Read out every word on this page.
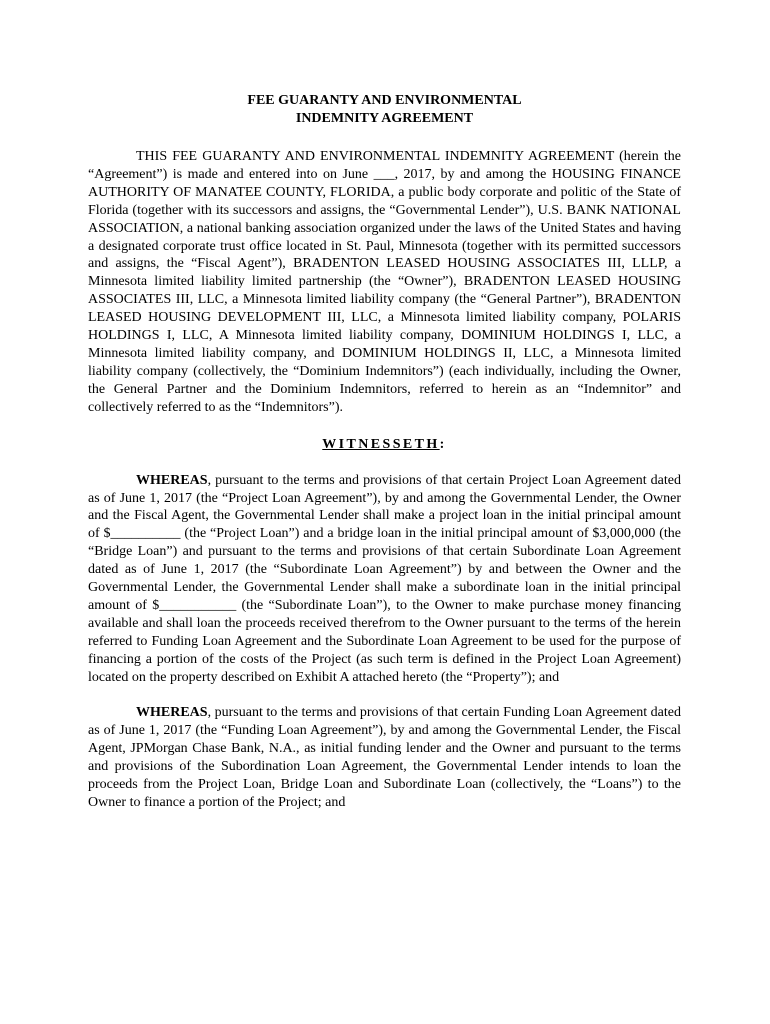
FEE GUARANTY AND ENVIRONMENTAL
INDEMNITY AGREEMENT

THIS FEE GUARANTY AND ENVIRONMENTAL INDEMNITY AGREEMENT (herein the “Agreement”) is made and entered into on June ___, 2017, by and among the HOUSING FINANCE AUTHORITY OF MANATEE COUNTY, FLORIDA, a public body corporate and politic of the State of Florida (together with its successors and assigns, the “Governmental Lender”), U.S. BANK NATIONAL ASSOCIATION, a national banking association organized under the laws of the United States and having a designated corporate trust office located in St. Paul, Minnesota (together with its permitted successors and assigns, the “Fiscal Agent”), BRADENTON LEASED HOUSING ASSOCIATES III, LLLP, a Minnesota limited liability limited partnership (the “Owner”), BRADENTON LEASED HOUSING ASSOCIATES III, LLC, a Minnesota limited liability company (the “General Partner”), BRADENTON LEASED HOUSING DEVELOPMENT III, LLC, a Minnesota limited liability company, POLARIS HOLDINGS I, LLC, A Minnesota limited liability company, DOMINIUM HOLDINGS I, LLC, a Minnesota limited liability company, and DOMINIUM HOLDINGS II, LLC, a Minnesota limited liability company (collectively, the “Dominium Indemnitors”) (each individually, including the Owner, the General Partner and the Dominium Indemnitors, referred to herein as an “Indemnitor” and collectively referred to as the “Indemnitors”).

WITNESSETH:

WHEREAS, pursuant to the terms and provisions of that certain Project Loan Agreement dated as of June 1, 2017 (the “Project Loan Agreement”), by and among the Governmental Lender, the Owner and the Fiscal Agent, the Governmental Lender shall make a project loan in the initial principal amount of $__________ (the “Project Loan”) and a bridge loan in the initial principal amount of $3,000,000 (the “Bridge Loan”) and pursuant to the terms and provisions of that certain Subordinate Loan Agreement dated as of June 1, 2017 (the “Subordinate Loan Agreement”) by and between the Owner and the Governmental Lender, the Governmental Lender shall make a subordinate loan in the initial principal amount of $___________ (the “Subordinate Loan”), to the Owner to make purchase money financing available and shall loan the proceeds received therefrom to the Owner pursuant to the terms of the herein referred to Funding Loan Agreement and the Subordinate Loan Agreement to be used for the purpose of financing a portion of the costs of the Project (as such term is defined in the Project Loan Agreement) located on the property described on Exhibit A attached hereto (the “Property”); and

WHEREAS, pursuant to the terms and provisions of that certain Funding Loan Agreement dated as of June 1, 2017 (the “Funding Loan Agreement”), by and among the Governmental Lender, the Fiscal Agent, JPMorgan Chase Bank, N.A., as initial funding lender and the Owner and pursuant to the terms and provisions of the Subordination Loan Agreement, the Governmental Lender intends to loan the proceeds from the Project Loan, Bridge Loan and Subordinate Loan (collectively, the “Loans”) to the Owner to finance a portion of the Project; and
